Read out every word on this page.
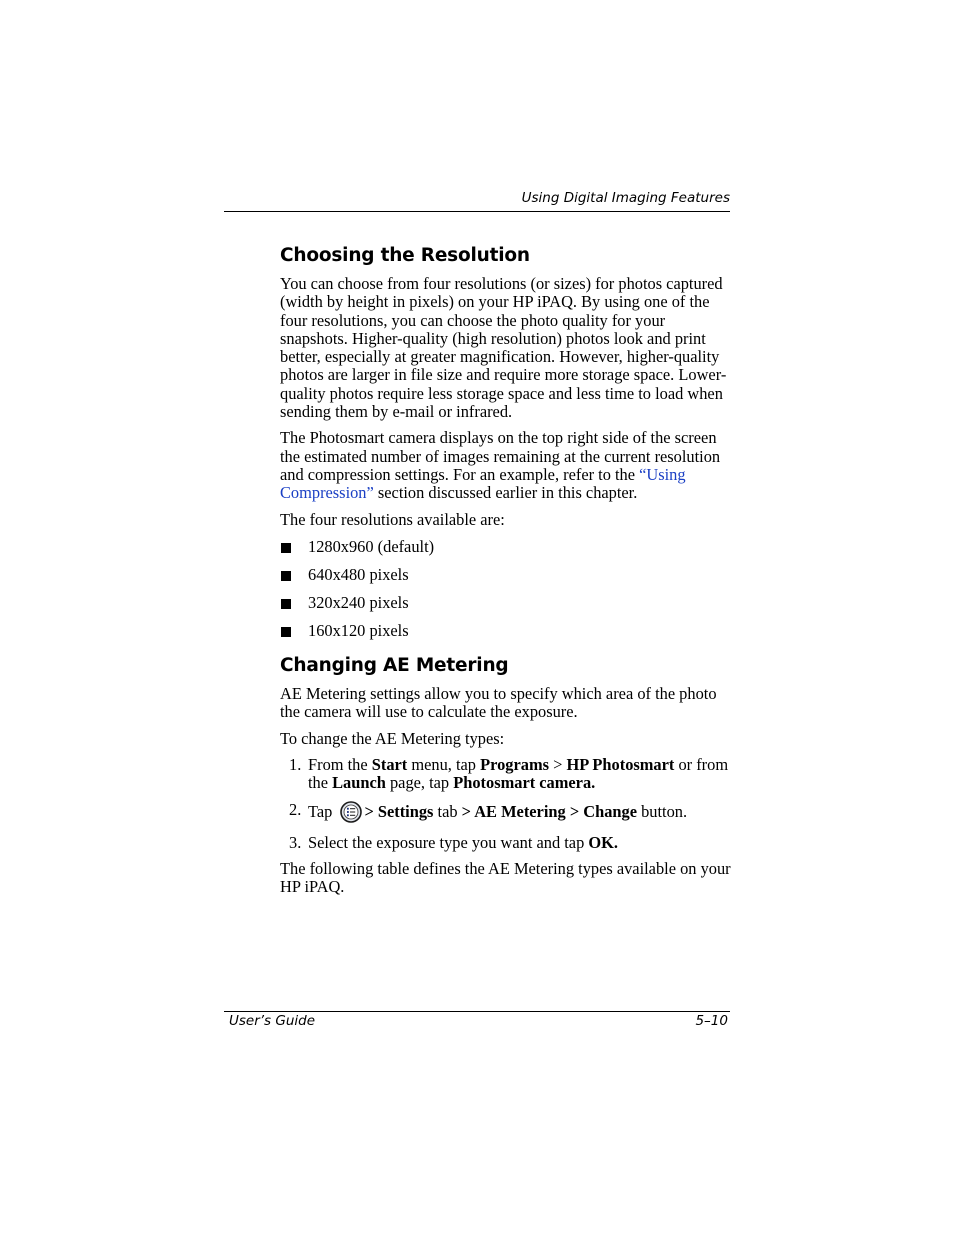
Using Digital Imaging Features
Choosing the Resolution

You can choose from four resolutions (or sizes) for photos captured (width by height in pixels) on your HP iPAQ. By using one of the four resolutions, you can choose the photo quality for your snapshots. Higher-quality (high resolution) photos look and print better, especially at greater magnification. However, higher-quality photos are larger in file size and require more storage space. Lower-quality photos require less storage space and less time to load when sending them by e-mail or infrared.

The Photosmart camera displays on the top right side of the screen the estimated number of images remaining at the current resolution and compression settings. For an example, refer to the “Using Compression” section discussed earlier in this chapter.

The four resolutions available are:

1280x960 (default)
640x480 pixels
320x240 pixels
160x120 pixels
Changing AE Metering

AE Metering settings allow you to specify which area of the photo the camera will use to calculate the exposure.

To change the AE Metering types:

1. From the Start menu, tap Programs > HP Photosmart or from the Launch page, tap Photosmart camera.
2. Tap > Settings tab > AE Metering > Change button.
3. Select the exposure type you want and tap OK.

The following table defines the AE Metering types available on your HP iPAQ.

User’s Guide	5–10
